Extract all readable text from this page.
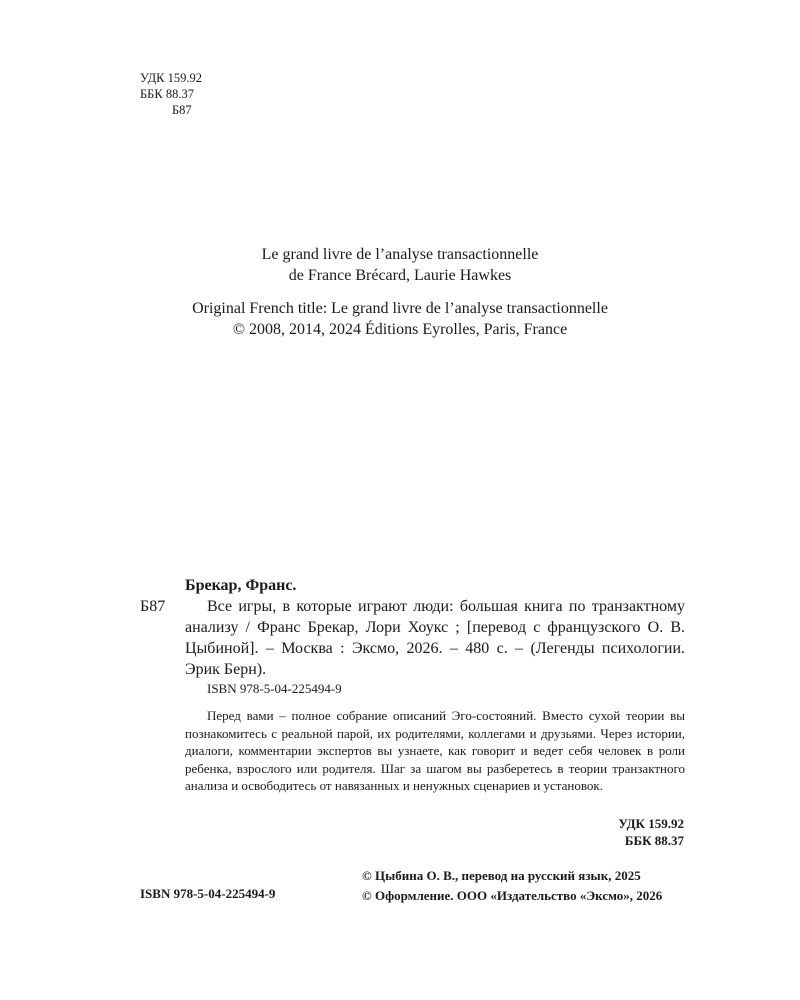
УДК 159.92
ББК 88.37
Б87
Le grand livre de l’analyse transactionnelle
de France Brécard, Laurie Hawkes
Original French title: Le grand livre de l’analyse transactionnelle
© 2008, 2014, 2024 Éditions Eyrolles, Paris, France
Брекар, Франс.
Б87	Все игры, в которые играют люди: большая книга по транзактному анализу / Франс Брекар, Лори Хоукс ; [перевод с французского О. В. Цыбиной]. – Москва : Эксмо, 2026. – 480 с. – (Легенды психологии. Эрик Берн).

ISBN 978-5-04-225494-9

Перед вами – полное собрание описаний Эго-состояний. Вместо сухой теории вы познакомитесь с реальной парой, их родителями, коллегами и друзьями. Через истории, диалоги, комментарии экспертов вы узнаете, как говорит и ведет себя человек в роли ребенка, взрослого или родителя. Шаг за шагом вы разберетесь в теории транзактного анализа и освободитесь от навязанных и ненужных сценариев и установок.

УДК 159.92
ББК 88.37
ISBN 978-5-04-225494-9
© Цыбина О. В., перевод на русский язык, 2025
© Оформление. ООО «Издательство «Эксмо», 2026
